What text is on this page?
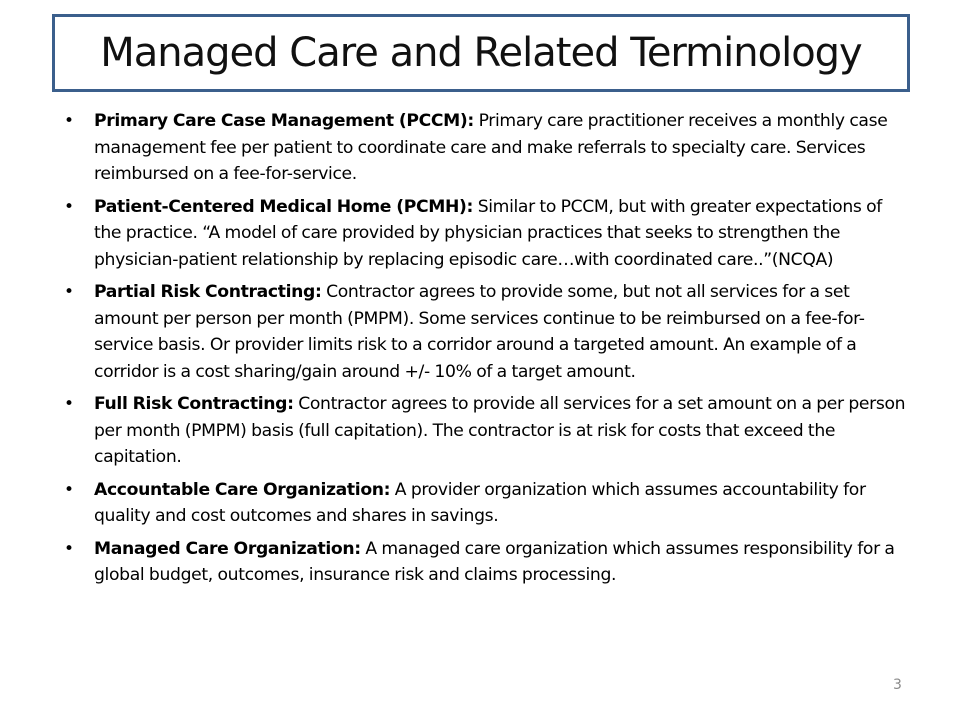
Managed Care and Related Terminology
• Primary Care Case Management (PCCM): Primary care practitioner receives a monthly case management fee per patient to coordinate care and make referrals to specialty care. Services reimbursed on a fee-for-service.
• Patient-Centered Medical Home (PCMH): Similar to PCCM, but with greater expectations of the practice. “A model of care provided by physician practices that seeks to strengthen the physician-patient relationship by replacing episodic care…with coordinated care..”(NCQA)
• Partial Risk Contracting: Contractor agrees to provide some, but not all services for a set amount per person per month (PMPM). Some services continue to be reimbursed on a fee-for-service basis. Or provider limits risk to a corridor around a targeted amount. An example of a corridor is a cost sharing/gain around +/- 10% of a target amount.
• Full Risk Contracting: Contractor agrees to provide all services for a set amount on a per person per month (PMPM) basis (full capitation). The contractor is at risk for costs that exceed the capitation.
• Accountable Care Organization: A provider organization which assumes accountability for quality and cost outcomes and shares in savings.
• Managed Care Organization: A managed care organization which assumes responsibility for a global budget, outcomes, insurance risk and claims processing.
3
